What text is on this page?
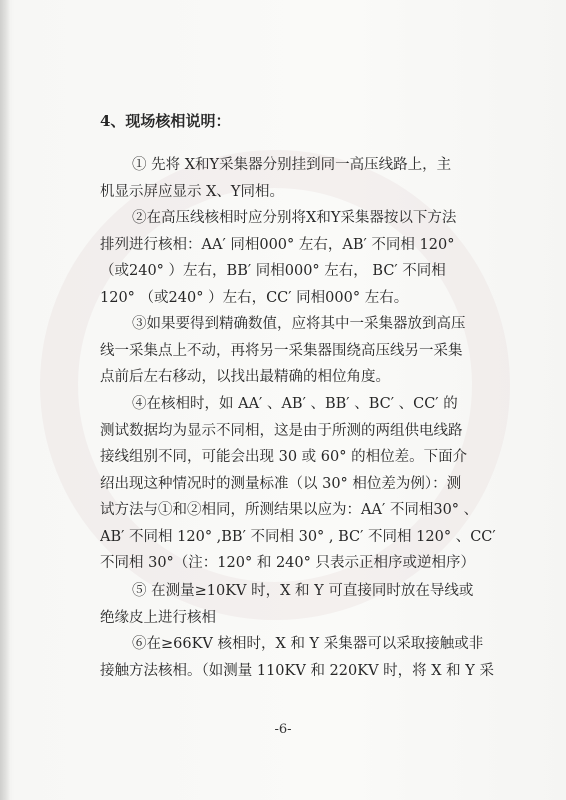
4、现场核相说明：
① 先将 X和Y采集器分别挂到同一高压线路上，主
机显示屏应显示 X、Y同相。
②在高压线核相时应分别将X和Y采集器按以下方法
排列进行核相：AA′ 同相000° 左右，AB′ 不同相 120°
（或240° ）左右，BB′ 同相000° 左右， BC′ 不同相
120° （或240° ）左右，CC′ 同相000° 左右。
③如果要得到精确数值，应将其中一采集器放到高压
线一采集点上不动，再将另一采集器围绕高压线另一采集
点前后左右移动，以找出最精确的相位角度。
④在核相时，如 AA′ 、AB′ 、BB′ 、BC′ 、CC′ 的
测试数据均为显示不同相，这是由于所测的两组供电线路
接线组别不同，可能会出现 30 或 60° 的相位差。下面介
绍出现这种情况时的测量标准（以 30° 相位差为例）：测
试方法与①和②相同，所测结果以应为：AA′ 不同相30° 、
AB′ 不同相 120° ,BB′ 不同相 30° , BC′ 不同相 120° 、CC′
不同相 30°（注：120° 和 240° 只表示正相序或逆相序）
⑤ 在测量≥10KV 时，X 和 Y 可直接同时放在导线或
绝缘皮上进行核相
⑥在≥66KV 核相时，X 和 Y 采集器可以采取接触或非
接触方法核相。（如测量 110KV 和 220KV 时，将 X 和 Y 采
-6-
